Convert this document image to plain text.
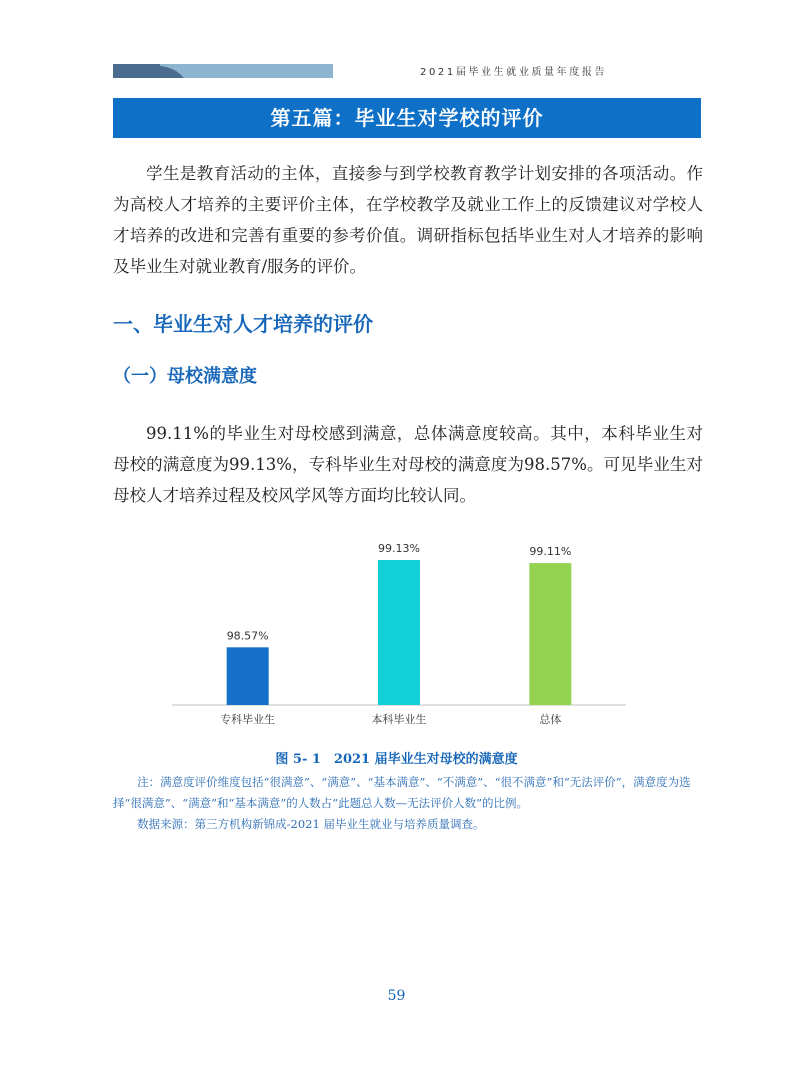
2021届毕业生就业质量年度报告
第五篇：毕业生对学校的评价

学生是教育活动的主体，直接参与到学校教育教学计划安排的各项活动。作为高校人才培养的主要评价主体，在学校教学及就业工作上的反馈建议对学校人才培养的改进和完善有重要的参考价值。调研指标包括毕业生对人才培养的影响及毕业生对就业教育/服务的评价。

一、毕业生对人才培养的评价
（一）母校满意度

99.11%的毕业生对母校感到满意，总体满意度较高。其中，本科毕业生对母校的满意度为99.13%，专科毕业生对母校的满意度为98.57%。可见毕业生对母校人才培养过程及校风学风等方面均比较认同。

98.57%
专科毕业生
99.13%
本科毕业生
99.11%
总体
图 5- 1　2021 届毕业生对母校的满意度

注：满意度评价维度包括“很满意”、“满意”、“基本满意”、“不满意”、“很不满意”和“无法评价”，满意度为选择“很满意”、“满意”和“基本满意”的人数占“此题总人数—无法评价人数”的比例。

数据来源：第三方机构新锦成-2021 届毕业生就业与培养质量调查。

59
